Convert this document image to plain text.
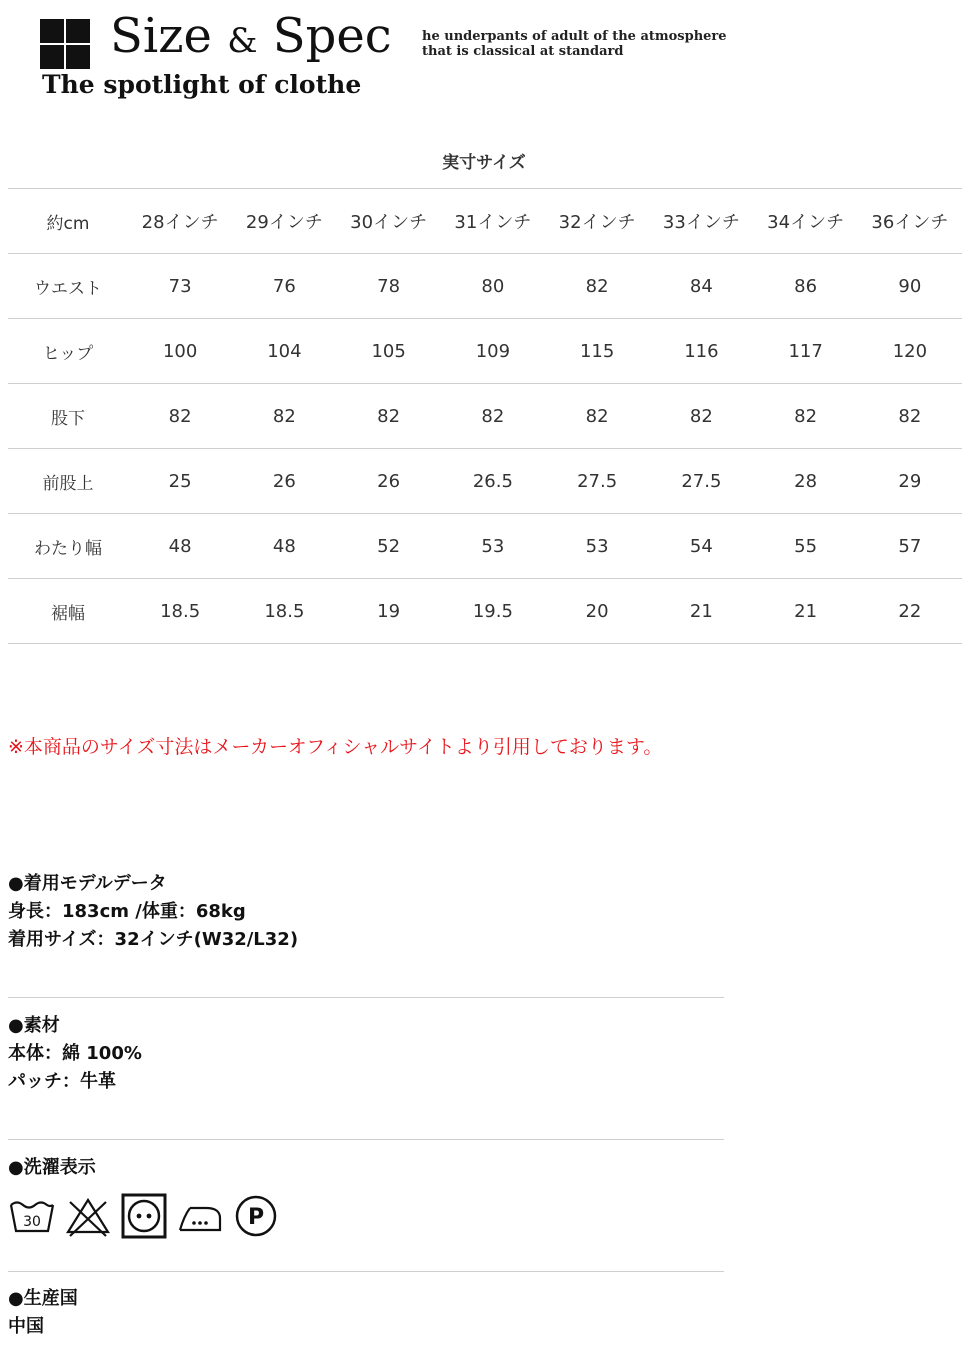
Size & Spec
The spotlight of clothe
he underpants of adult of the atmosphere
that is classical at standard
実寸サイズ
約cm	28インチ	29インチ	30インチ	31インチ	32インチ	33インチ	34インチ	36インチ
ウエスト	73	76	78	80	82	84	86	90
ヒップ	100	104	105	109	115	116	117	120
股下	82	82	82	82	82	82	82	82
前股上	25	26	26	26.5	27.5	27.5	28	29
わたり幅	48	48	52	53	53	54	55	57
裾幅	18.5	18.5	19	19.5	20	21	21	22
※本商品のサイズ寸法はメーカーオフィシャルサイトより引用しております。
●着用モデルデータ
身長：183cm /体重：68kg
着用サイズ：32インチ(W32/L32)
●素材
本体：綿 100%
パッチ：牛革
●洗濯表示
30	P
●生産国
中国
